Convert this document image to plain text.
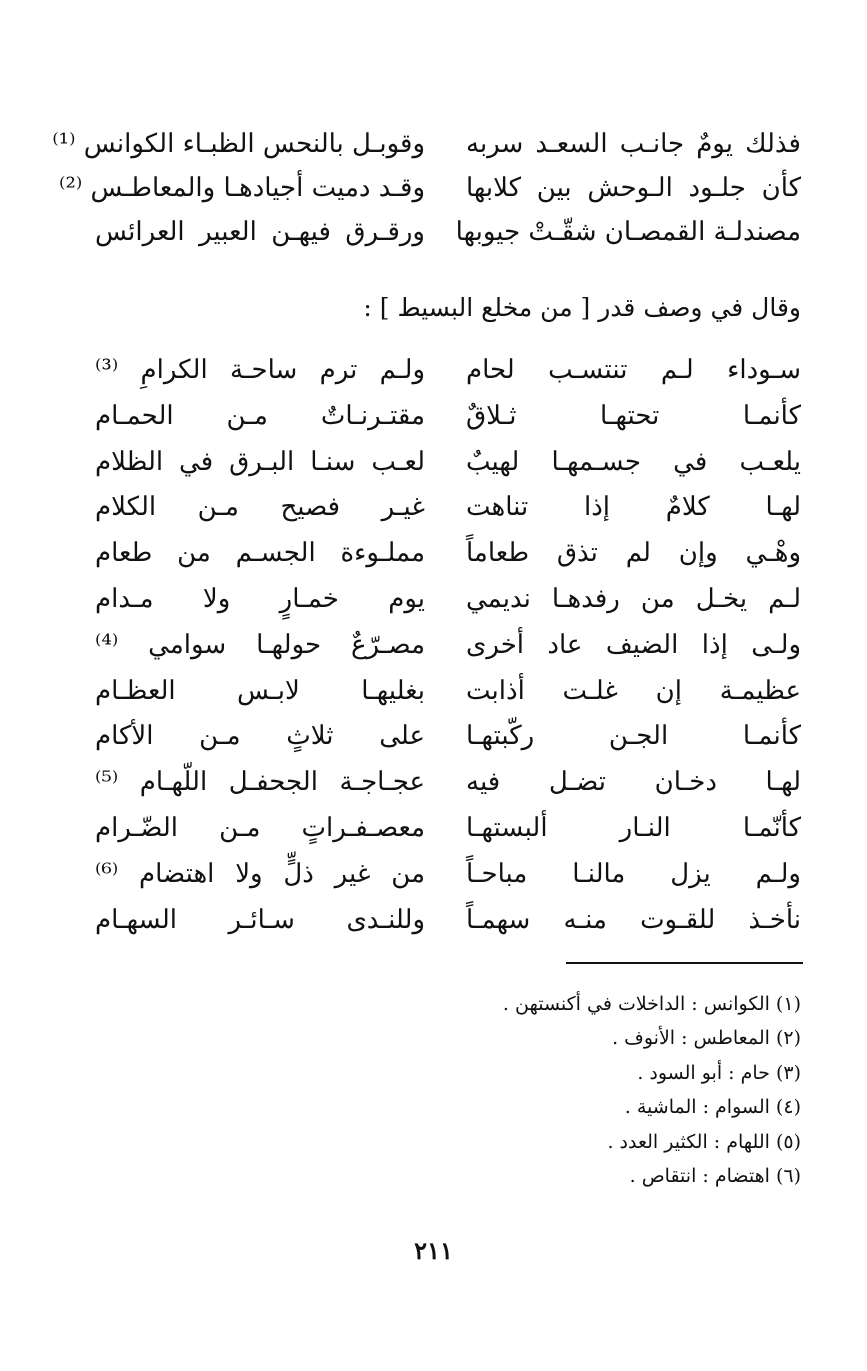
فذلك يومٌ جانـب السعـد سربه
وقوبـل بالنحس الظبـاء الكوانس ⁽¹⁾
كأن جلـود الـوحش بين كلابها
وقـد دميت أجيادهـا والمعاطـس ⁽²⁾
مصندلـة القمصـان شقّـتْ جيوبها
ورقـرق فيهـن العبير العرائس
وقال في وصف قدر [ من مخلع البسيط ] :
سـوداء لـم تنتسـب لحام
ولـم ترم ساحـة الكرامِ ⁽³⁾
كأنمـا تحتهـا ثـلاقٌ
مقتـرنـاتٌ مـن الحمـام
يلعـب في جسـمهـا لهيبٌ
لعـب سنـا البـرق في الظلام
لهـا كلامٌ إذا تناهت
غيـر فصيح مـن الكلام
وهْـي وإن لم تذق طعاماً
مملـوءة الجسـم من طعام
لـم يخـل من رفدهـا نديمي
يوم خمـارٍ ولا مـدام
ولـى إذا الضيف عاد أخرى
مصـرّعٌ حولهـا سوامي ⁽⁴⁾
عظيمـة إن غلـت أذابت
بغليهـا لابـس العظـام
كأنمـا الجـن ركّبتهـا
على ثلاثٍ مـن الأكام
لهـا دخـان تضـل فيه
عجـاجـة الجحفـل اللّهـام ⁽⁵⁾
كأنّمـا النـار ألبستهـا
معصـفـراتٍ مـن الضّـرام
ولـم يزل مالنـا مباحـاً
من غير ذلٍّ ولا اهتضام ⁽⁶⁾
نأخـذ للقـوت منـه سهمـاً
وللنـدى سـائـر السهـام
(١) الكوانس : الداخلات في أكنستهن .
(٢) المعاطس : الأنوف .
(٣) حام : أبو السود .
(٤) السوام : الماشية .
(٥) اللهام : الكثير العدد .
(٦) اهتضام : انتقاص .
٢١١
